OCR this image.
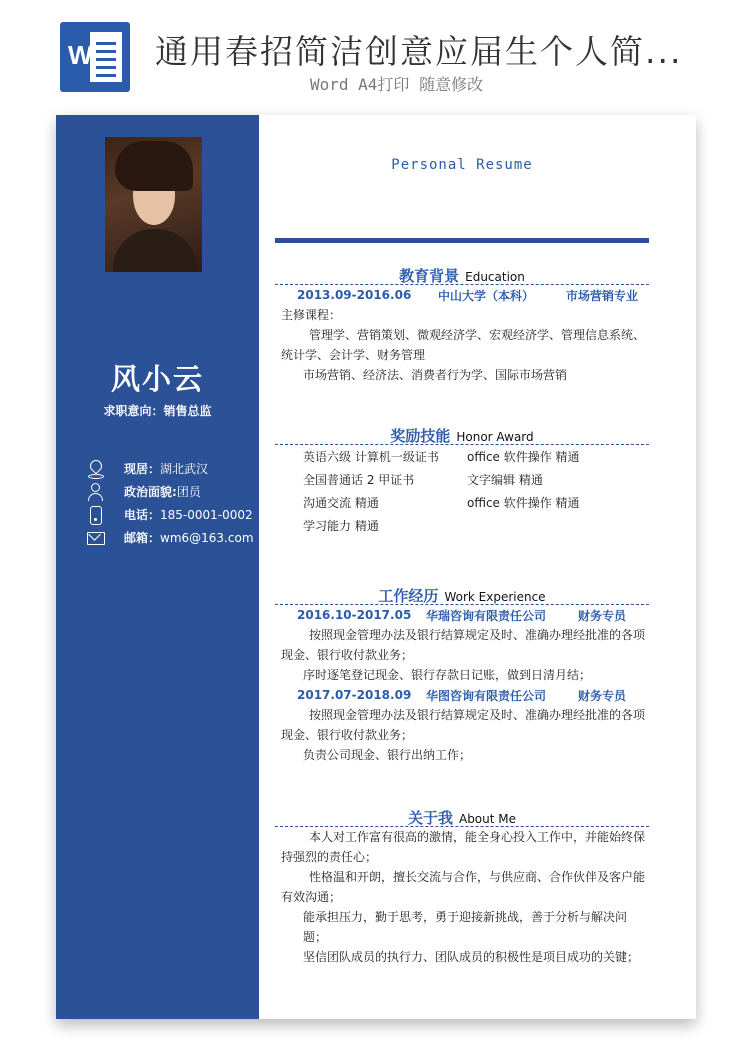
W 通用春招简洁创意应届生个人简...
Word A4打印 随意修改
风小云
求职意向：销售总监
现居： 湖北武汉
政治面貌: 团员
电话： 185-0001-0002
邮箱： wm6@163.com
Personal Resume
教育背景 Education
2013.09-2016.06	中山大学（本科）	市场营销专业
主修课程：
管理学、营销策划、微观经济学、宏观经济学、管理信息系统、统计学、会计学、财务管理
市场营销、经济法、消费者行为学、国际市场营销
奖励技能 Honor Award
英语六级 计算机一级证书	office 软件操作 精通
全国普通话 2 甲证书	文字编辑 精通
沟通交流 精通	office 软件操作 精通
学习能力 精通
工作经历 Work Experience
2016.10-2017.05	华瑞咨询有限责任公司	财务专员
按照现金管理办法及银行结算规定及时、准确办理经批准的各项现金、银行收付款业务；
序时逐笔登记现金、银行存款日记账，做到日清月结；
2017.07-2018.09	华图咨询有限责任公司	财务专员
按照现金管理办法及银行结算规定及时、准确办理经批准的各项现金、银行收付款业务；
负责公司现金、银行出纳工作；
关于我 About Me
本人对工作富有很高的激情，能全身心投入工作中，并能始终保持强烈的责任心；
性格温和开朗，擅长交流与合作，与供应商、合作伙伴及客户能有效沟通；
能承担压力，勤于思考，勇于迎接新挑战，善于分析与解决问题；
坚信团队成员的执行力、团队成员的积极性是项目成功的关键；
